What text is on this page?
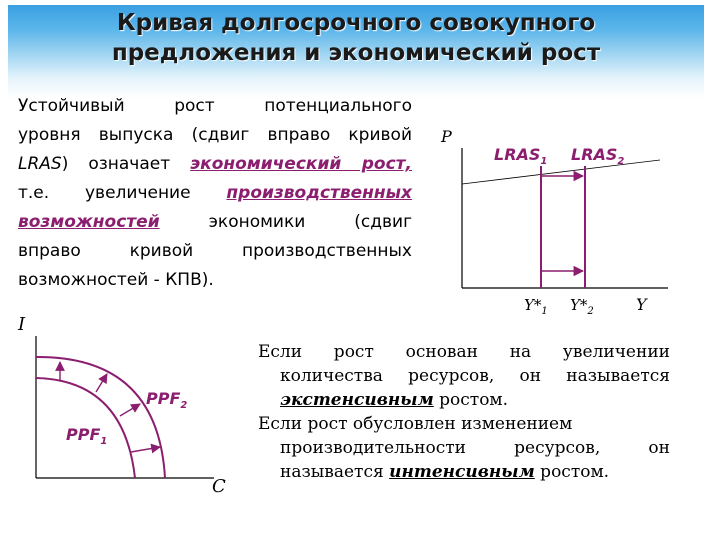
Кривая долгосрочного совокупного
предложения и экономический рост
Устойчивый рост потенциального
уровня выпуска (сдвиг вправо кривой
LRAS) означает экономический рост,
т.е. увеличение производственных
возможностей	экономики (сдвиг
вправо кривой производственных
возможностей - КПВ).
P
$LRAS_1$ $LRAS_2$
$Y*_1$ $Y*_2$	Y
I
$PPF_2$
$PPF_1$
C
Если рост основан на увеличении
количества ресурсов, он называется
экстенсивным ростом.
Если рост обусловлен изменением
производительности ресурсов, он
называется интенсивным ростом.
